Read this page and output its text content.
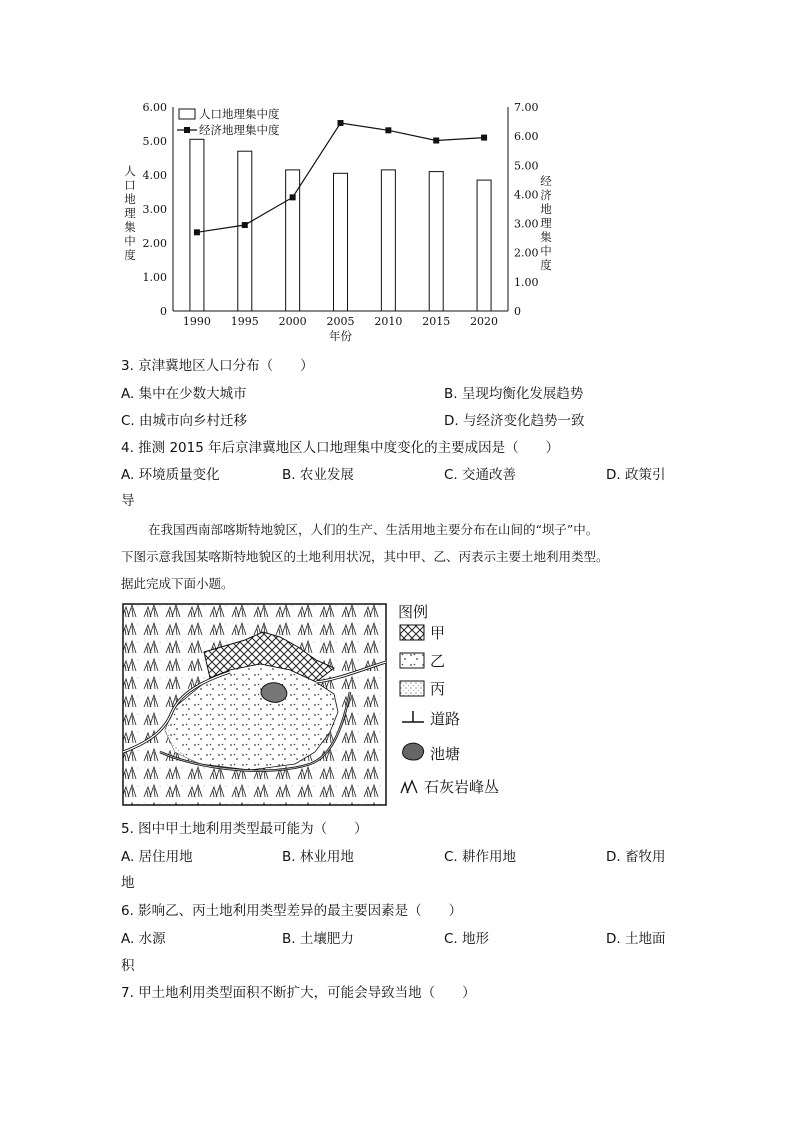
0
1.00
2.00
3.00
4.00
5.00
6.00
0
1.00
2.00
3.00
4.00
5.00
6.00
7.00
1990 1995 2000 2005 2010 2015 2020
年份
人
口
地
理
集
中
度
经
济
地
理
集
中
度
人口地理集中度
经济地理集中度
3. 京津冀地区人口分布（　　）
A. 集中在少数大城市	B. 呈现均衡化发展趋势
C. 由城市向乡村迁移	D. 与经济变化趋势一致
4. 推测 2015 年后京津冀地区人口地理集中度变化的主要成因是（　　）
A. 环境质量变化	B. 农业发展	C. 交通改善	D. 政策引
导
在我国西南部喀斯特地貌区，人们的生产、生活用地主要分布在山间的“坝子”中。
下图示意我国某喀斯特地貌区的土地利用状况，其中甲、乙、丙表示主要土地利用类型。
据此完成下面小题。
图例
甲
乙
丙
道路
池塘
石灰岩峰丛
5. 图中甲土地利用类型最可能为（　　）
A. 居住用地	B. 林业用地	C. 耕作用地	D. 畜牧用
地
6. 影响乙、丙土地利用类型差异的最主要因素是（　　）
A. 水源	B. 土壤肥力	C. 地形	D. 土地面
积
7. 甲土地利用类型面积不断扩大，可能会导致当地（　　）
